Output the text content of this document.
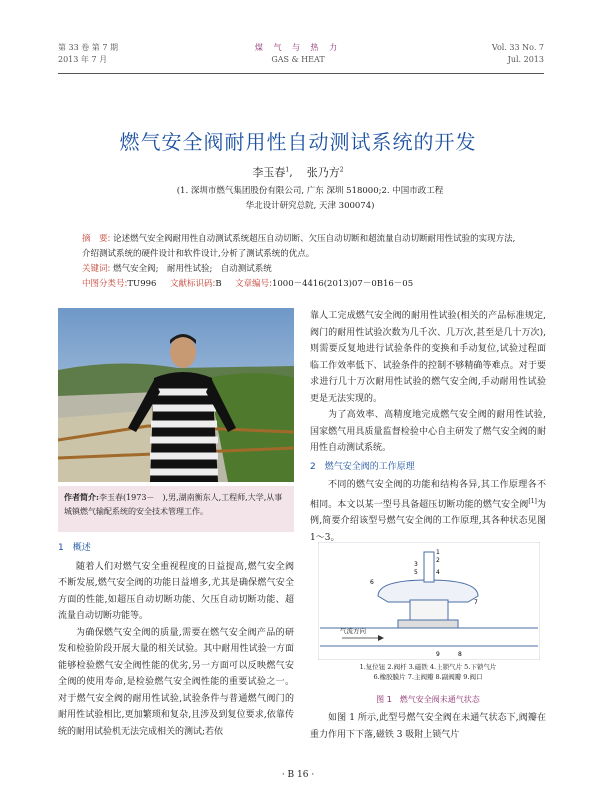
第 33 卷 第 7 期
2013 年 7 月
煤 气 与 热 力
GAS & HEAT
Vol. 33 No. 7
Jul. 2013
燃气安全阀耐用性自动测试系统的开发
李玉春$^1$, 张乃方$^2$
(1. 深圳市燃气集团股份有限公司, 广东 深圳 518000;2. 中国市政工程
华北设计研究总院, 天津 300074)

摘　要: 论述燃气安全阀耐用性自动测试系统超压自动切断、欠压自动切断和超流量自动切断耐用性试验的实现方法,介绍测试系统的硬件设计和软件设计,分析了测试系统的优点。

关键词: 燃气安全阀;　耐用性试验;　自动测试系统

中图分类号:TU996 文献标识码:B 文章编号:1000－4416(2013)07－0B16－05

作者简介:李玉春(1973－　),男,湖南衡东人,工程师,大学,从事城镇燃气输配系统的安全技术管理工作。
1　概述

随着人们对燃气安全重视程度的日益提高,燃气安全阀不断发展,燃气安全阀的功能日益增多,尤其是确保燃气安全方面的性能,如超压自动切断功能、欠压自动切断功能、超流量自动切断功能等。

为确保燃气安全阀的质量,需要在燃气安全阀产品的研发和检验阶段开展大量的相关试验。其中耐用性试验一方面能够检验燃气安全阀性能的优劣,另一方面可以反映燃气安全阀的使用寿命,是检验燃气安全阀性能的重要试验之一。对于燃气安全阀的耐用性试验,试验条件与普通燃气阀门的耐用性试验相比,更加繁琐和复杂,且涉及到复位要求,依靠传统的耐用试验机无法完成相关的测试;若依

靠人工完成燃气安全阀的耐用性试验(相关的产品标准规定,阀门的耐用性试验次数为几千次、几万次,甚至是几十万次),则需要反复地进行试验条件的变换和手动复位,试验过程面临工作效率低下、试验条件的控制不够精确等难点。对于要求进行几十万次耐用性试验的燃气安全阀,手动耐用性试验更是无法实现的。

为了高效率、高精度地完成燃气安全阀的耐用性试验,国家燃气用具质量监督检验中心自主研发了燃气安全阀的耐用性自动测试系统。

2　燃气安全阀的工作原理

不同的燃气安全阀的功能和结构各异,其工作原理各不相同。本文以某一型号具备超压切断功能的燃气安全阀[1]为例,简要介绍该型号燃气安全阀的工作原理,其各种状态见图 1～3。

气流方向
1
2
3
5	4
6
7
8
9
1.复位钮 2.阀杆 3.磁铁 4.上锁气片 5.下锁气片
6.橡胶膜片 7.主阀瓣 8.副阀瓣 9.阀口
图 1　燃气安全阀未通气状态

如图 1 所示,此型号燃气安全阀在未通气状态下,阀瓣在重力作用下下落,磁铁 3 吸附上锁气片

· B 16 ·
